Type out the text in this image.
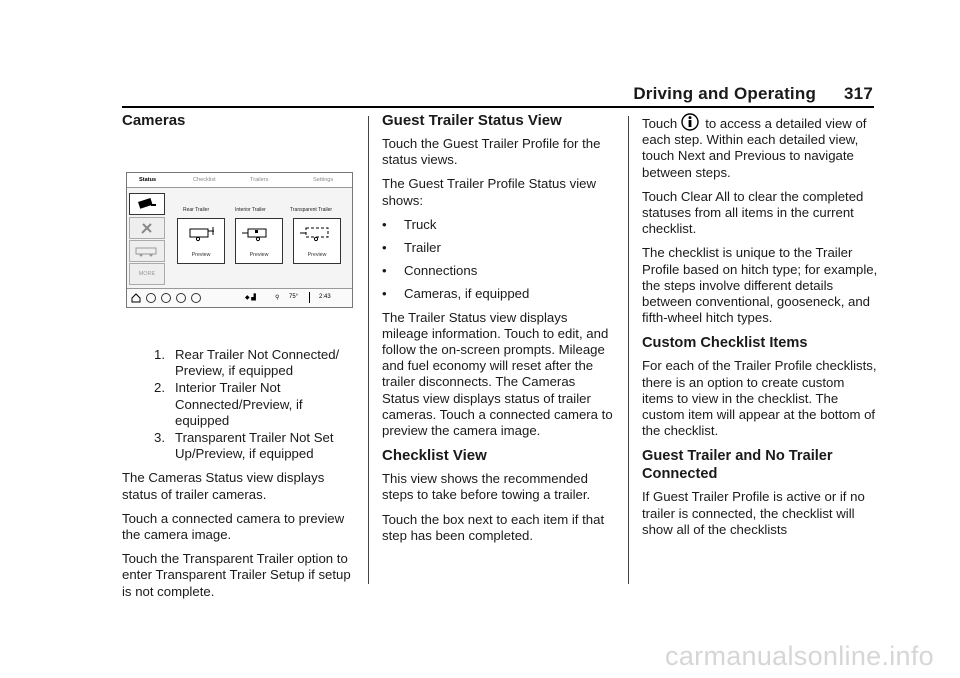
Driving and Operating 317
Cameras
Status	Checklist	Trailers	Settings
MORE
Rear Trailer	Interior Trailer	Transparent Trailer
Preview	Preview	Preview
◆ ▟	⚲ 75°	2:43
1. Rear Trailer Not Connected/ Preview, if equipped
2. Interior Trailer Not Connected/Preview, if equipped
3. Transparent Trailer Not Set Up/Preview, if equipped

The Cameras Status view displays status of trailer cameras.

Touch a connected camera to preview the camera image.

Touch the Transparent Trailer option to enter Transparent Trailer Setup if setup is not complete.

Guest Trailer Status View

Touch the Guest Trailer Profile for the status views.

The Guest Trailer Profile Status view shows:

• Truck
• Trailer
• Connections
• Cameras, if equipped

The Trailer Status view displays mileage information. Touch to edit, and follow the on-screen prompts. Mileage and fuel economy will reset after the trailer disconnects. The Cameras Status view displays status of trailer cameras. Touch a connected camera to preview the camera image.

Checklist View

This view shows the recommended steps to take before towing a trailer.

Touch the box next to each item if that step has been completed.

Touch to access a detailed view of each step. Within each detailed view, touch Next and Previous to navigate between steps.

Touch Clear All to clear the completed statuses from all items in the current checklist.

The checklist is unique to the Trailer Profile based on hitch type; for example, the steps involve different details between conventional, gooseneck, and fifth-wheel hitch types.

Custom Checklist Items

For each of the Trailer Profile checklists, there is an option to create custom items to view in the checklist. The custom item will appear at the bottom of the checklist.

Guest Trailer and No Trailer Connected

If Guest Trailer Profile is active or if no trailer is connected, the checklist will show all of the checklists

carmanualsonline.info
